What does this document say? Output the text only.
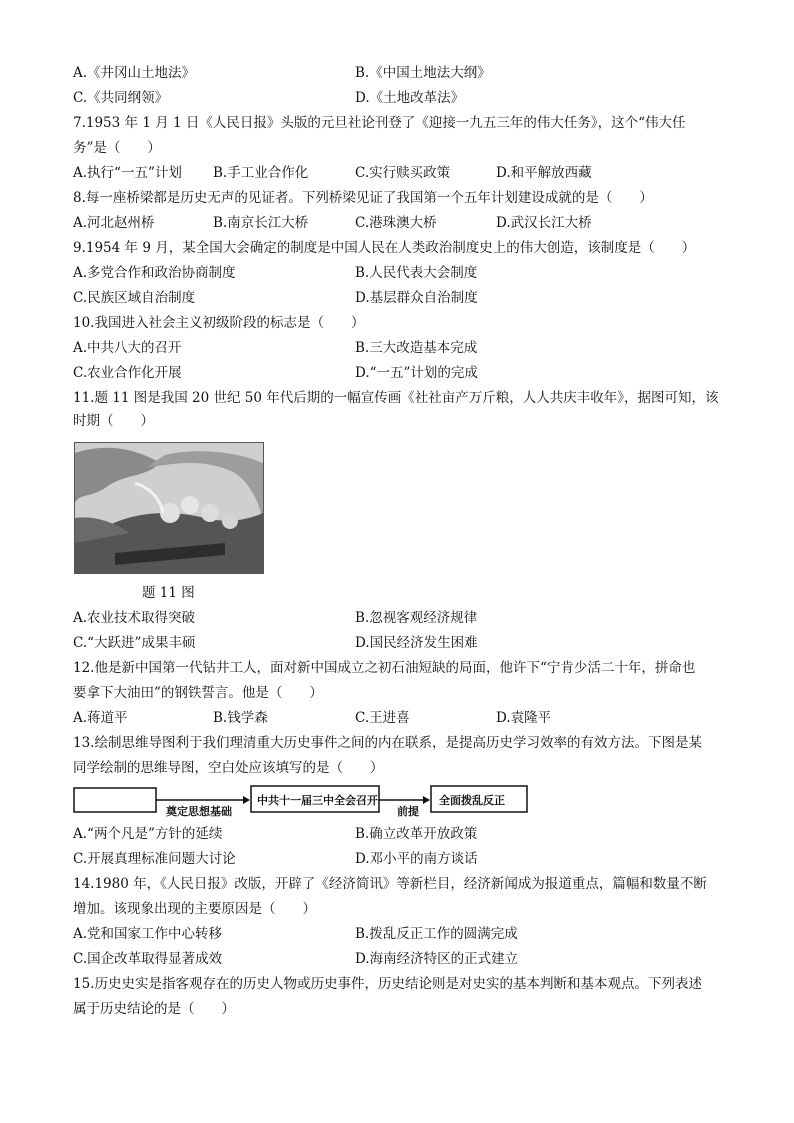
A.《井冈山土地法》	B.《中国土地法大纲》
C.《共同纲领》	D.《土地改革法》
7.1953 年 1 月 1 日《人民日报》头版的元旦社论刊登了《迎接一九五三年的伟大任务》，这个“伟大任
务”是（　　）
A.执行“一五”计划 B.手工业合作化	C.实行赎买政策	D.和平解放西藏
8.每一座桥梁都是历史无声的见证者。下列桥梁见证了我国第一个五年计划建设成就的是（　　）
A.河北赵州桥	B.南京长江大桥	C.港珠澳大桥	D.武汉长江大桥
9.1954 年 9 月，某全国大会确定的制度是中国人民在人类政治制度史上的伟大创造，该制度是（　　）
A.多党合作和政治协商制度	B.人民代表大会制度
C.民族区域自治制度	D.基层群众自治制度
10.我国进入社会主义初级阶段的标志是（　　）
A.中共八大的召开	B.三大改造基本完成
C.农业合作化开展	D.“一五”计划的完成
11.题 11 图是我国 20 世纪 50 年代后期的一幅宣传画《社社亩产万斤粮，人人共庆丰收年》，据图可知，该
时期（　　）
题 11 图
A.农业技术取得突破	B.忽视客观经济规律
C.“大跃进”成果丰硕	D.国民经济发生困难
12.他是新中国第一代钻井工人，面对新中国成立之初石油短缺的局面，他许下“宁肯少活二十年，拼命也
要拿下大油田”的钢铁誓言。他是（　　）
A.蒋道平	B.钱学森	C.王进喜	D.袁隆平
13.绘制思维导图利于我们理清重大历史事件之间的内在联系，是提高历史学习效率的有效方法。下图是某
同学绘制的思维导图，空白处应该填写的是（　　）
奠定思想基础
中共十一届三中全会召开
前提
全面拨乱反正
A.“两个凡是”方针的延续	B.确立改革开放政策
C.开展真理标准问题大讨论	D.邓小平的南方谈话
14.1980 年，《人民日报》改版，开辟了《经济简讯》等新栏目，经济新闻成为报道重点，篇幅和数量不断
增加。该现象出现的主要原因是（　　）
A.党和国家工作中心转移	B.拨乱反正工作的圆满完成
C.国企改革取得显著成效	D.海南经济特区的正式建立
15.历史史实是指客观存在的历史人物或历史事件，历史结论则是对史实的基本判断和基本观点。下列表述
属于历史结论的是（　　）
